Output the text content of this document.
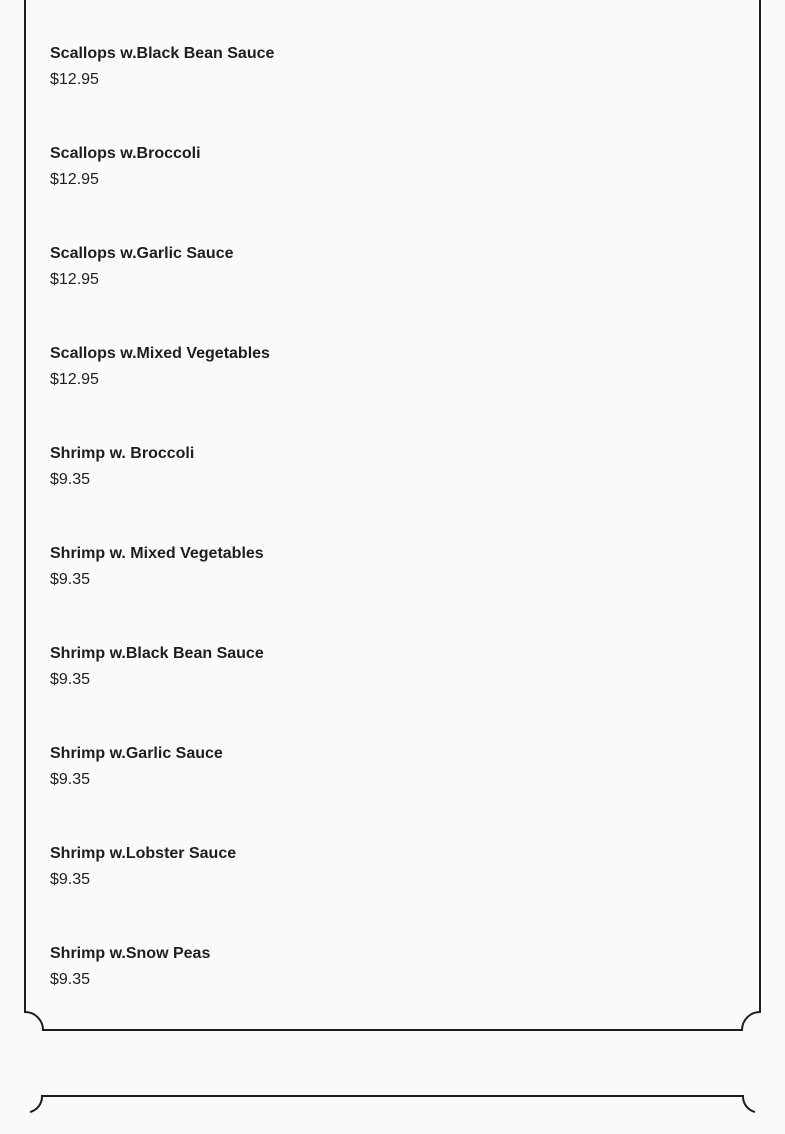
Scallops w.Black Bean Sauce
$12.95
Scallops w.Broccoli
$12.95
Scallops w.Garlic Sauce
$12.95
Scallops w.Mixed Vegetables
$12.95
Shrimp w. Broccoli
$9.35
Shrimp w. Mixed Vegetables
$9.35
Shrimp w.Black Bean Sauce
$9.35
Shrimp w.Garlic Sauce
$9.35
Shrimp w.Lobster Sauce
$9.35
Shrimp w.Snow Peas
$9.35
